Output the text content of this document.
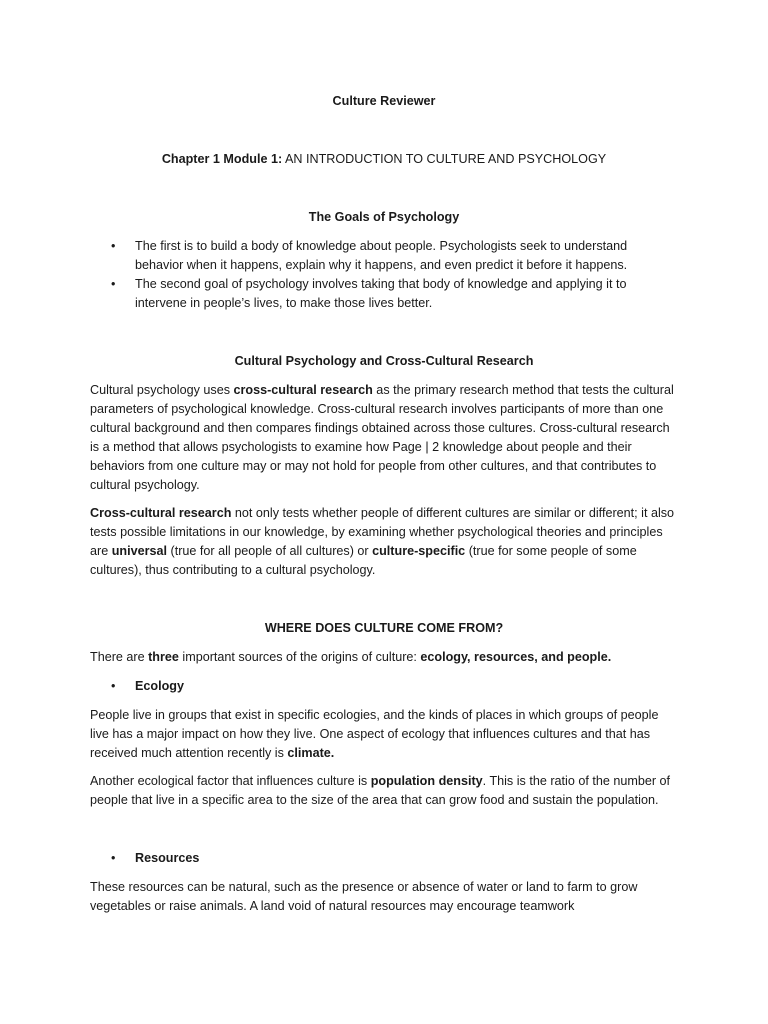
Culture Reviewer
Chapter 1 Module 1: AN INTRODUCTION TO CULTURE AND PSYCHOLOGY
The Goals of Psychology
• The first is to build a body of knowledge about people. Psychologists seek to understand
behavior when it happens, explain why it happens, and even predict it before it happens.
• The second goal of psychology involves taking that body of knowledge and applying it to
intervene in people’s lives, to make those lives better.
Cultural Psychology and Cross-Cultural Research
Cultural psychology uses cross-cultural research as the primary research method that tests the cultural
parameters of psychological knowledge. Cross-cultural research involves participants of more than one
cultural background and then compares findings obtained across those cultures. Cross-cultural research
is a method that allows psychologists to examine how Page | 2 knowledge about people and their
behaviors from one culture may or may not hold for people from other cultures, and that contributes to
cultural psychology.
Cross-cultural research not only tests whether people of different cultures are similar or different; it also
tests possible limitations in our knowledge, by examining whether psychological theories and principles
are universal (true for all people of all cultures) or culture-specific (true for some people of some
cultures), thus contributing to a cultural psychology.
WHERE DOES CULTURE COME FROM?
There are three important sources of the origins of culture: ecology, resources, and people.
• Ecology
People live in groups that exist in specific ecologies, and the kinds of places in which groups of people
live has a major impact on how they live. One aspect of ecology that influences cultures and that has
received much attention recently is climate.
Another ecological factor that influences culture is population density. This is the ratio of the number of
people that live in a specific area to the size of the area that can grow food and sustain the population.
• Resources
These resources can be natural, such as the presence or absence of water or land to farm to grow
vegetables or raise animals. A land void of natural resources may encourage teamwork
